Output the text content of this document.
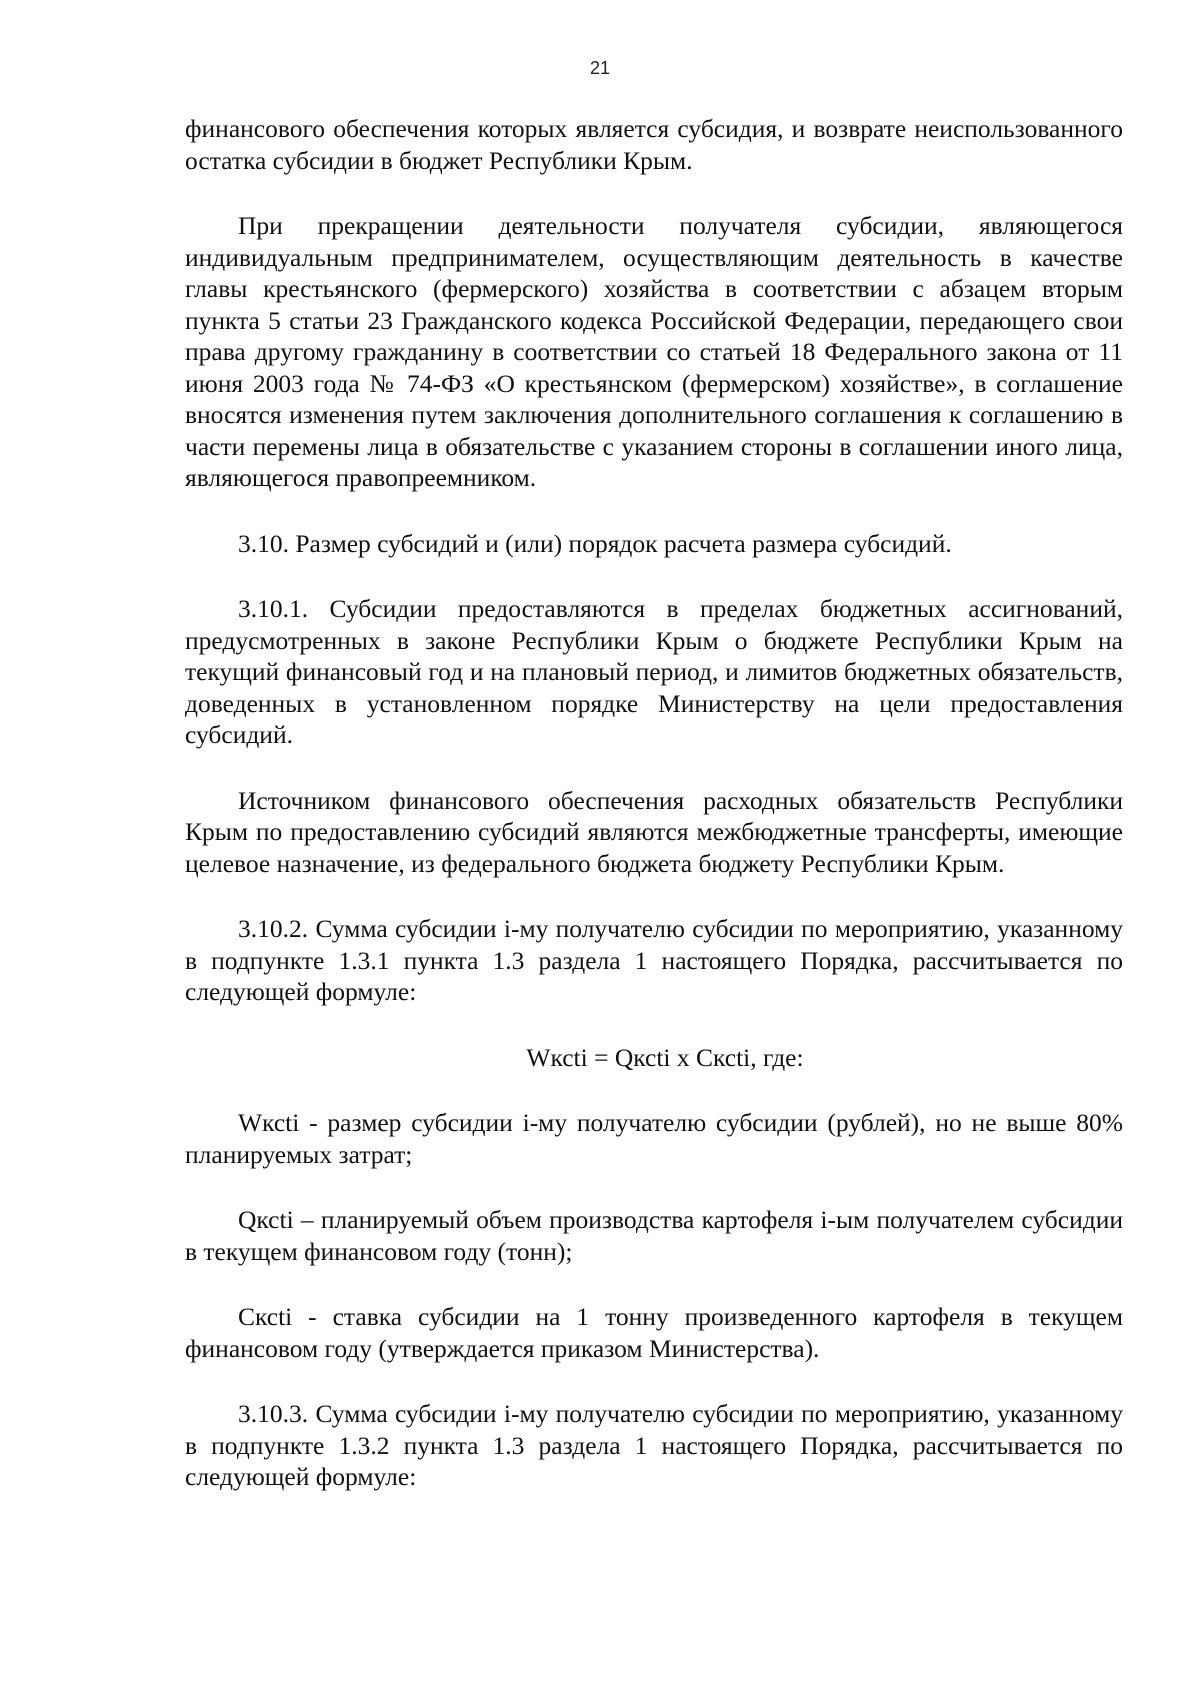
21

финансового обеспечения которых является субсидия, и возврате неиспользованного остатка субсидии в бюджет Республики Крым.

При прекращении деятельности получателя субсидии, являющегося индивидуальным предпринимателем, осуществляющим деятельность в качестве главы крестьянского (фермерского) хозяйства в соответствии с абзацем вторым пункта 5 статьи 23 Гражданского кодекса Российской Федерации, передающего свои права другому гражданину в соответствии со статьей 18 Федерального закона от 11 июня 2003 года № 74-ФЗ «О крестьянском (фермерском) хозяйстве», в соглашение вносятся изменения путем заключения дополнительного соглашения к соглашению в части перемены лица в обязательстве с указанием стороны в соглашении иного лица, являющегося правопреемником.

3.10. Размер субсидий и (или) порядок расчета размера субсидий.

3.10.1. Субсидии предоставляются в пределах бюджетных ассигнований, предусмотренных в законе Республики Крым о бюджете Республики Крым на текущий финансовый год и на плановый период, и лимитов бюджетных обязательств, доведенных в установленном порядке Министерству на цели предоставления субсидий.

Источником финансового обеспечения расходных обязательств Республики Крым по предоставлению субсидий являются межбюджетные трансферты, имеющие целевое назначение, из федерального бюджета бюджету Республики Крым.

3.10.2. Сумма субсидии i-му получателю субсидии по мероприятию, указанному в подпункте 1.3.1 пункта 1.3 раздела 1 настоящего Порядка, рассчитывается по следующей формуле:

Wксti = Qксti х Сксti, где:

Wксti - размер субсидии i-му получателю субсидии (рублей), но не выше 80% планируемых затрат;

Qксti – планируемый объем производства картофеля i-ым получателем субсидии в текущем финансовом году (тонн);

Сксti - ставка субсидии на 1 тонну произведенного картофеля в текущем финансовом году (утверждается приказом Министерства).

3.10.3. Сумма субсидии i-му получателю субсидии по мероприятию, указанному в подпункте 1.3.2 пункта 1.3 раздела 1 настоящего Порядка, рассчитывается по следующей формуле:
